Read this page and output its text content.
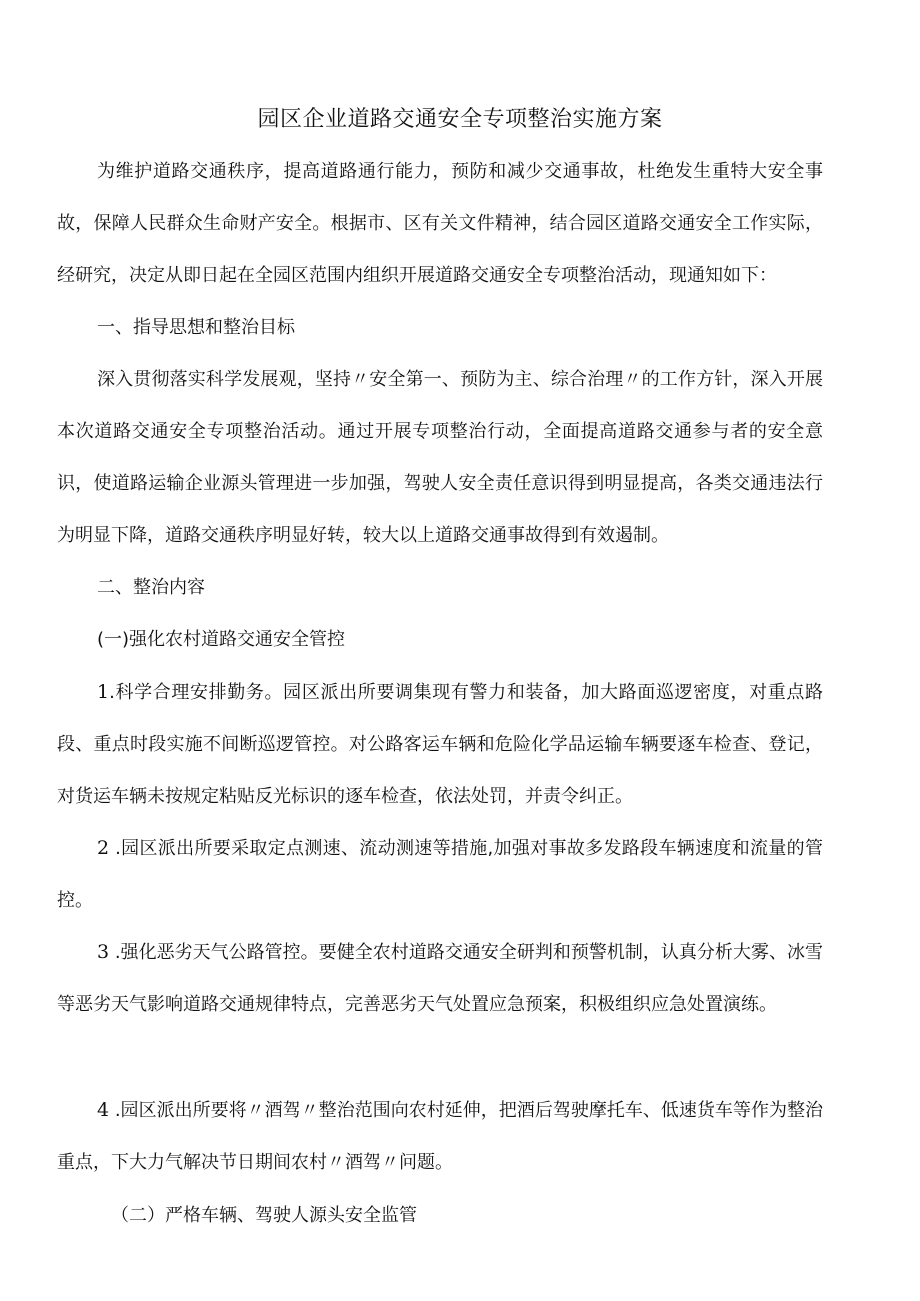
园区企业道路交通安全专项整治实施方案

为维护道路交通秩序，提高道路通行能力，预防和减少交通事故，杜绝发生重特大安全事故，保障人民群众生命财产安全。根据市、区有关文件精神，结合园区道路交通安全工作实际，经研究，决定从即日起在全园区范围内组织开展道路交通安全专项整治活动，现通知如下：

一、指导思想和整治目标

深入贯彻落实科学发展观，坚持〃安全第一、预防为主、综合治理〃的工作方针，深入开展本次道路交通安全专项整治活动。通过开展专项整治行动，全面提高道路交通参与者的安全意识，使道路运输企业源头管理进一步加强，驾驶人安全责任意识得到明显提高，各类交通违法行为明显下降，道路交通秩序明显好转，较大以上道路交通事故得到有效遏制。

二、整治内容

(一)强化农村道路交通安全管控

1.科学合理安排勤务。园区派出所要调集现有警力和装备，加大路面巡逻密度，对重点路段、重点时段实施不间断巡逻管控。对公路客运车辆和危险化学品运输车辆要逐车检查、登记，对货运车辆未按规定粘贴反光标识的逐车检查，依法处罚，并责令纠正。

2 .园区派出所要采取定点测速、流动测速等措施,加强对事故多发路段车辆速度和流量的管控。

3 .强化恶劣天气公路管控。要健全农村道路交通安全研判和预警机制，认真分析大雾、冰雪等恶劣天气影响道路交通规律特点，完善恶劣天气处置应急预案，积极组织应急处置演练。

4 .园区派出所要将〃酒驾〃整治范围向农村延伸，把酒后驾驶摩托车、低速货车等作为整治重点，下大力气解决节日期间农村〃酒驾〃问题。

（二）严格车辆、驾驶人源头安全监管
